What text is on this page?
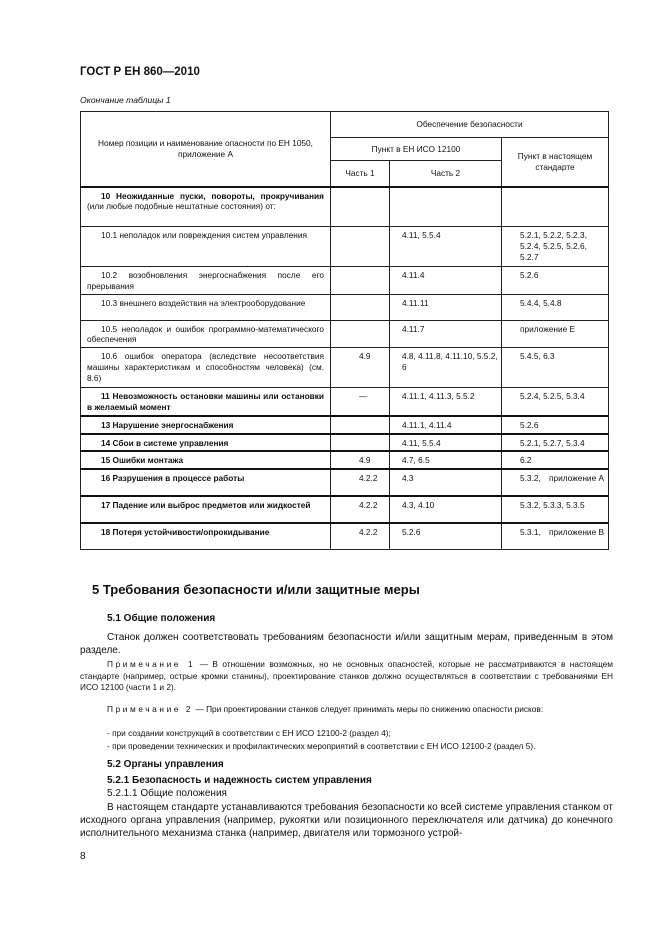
ГОСТ Р ЕН 860—2010
Окончание таблицы 1
Номер позиции и наименование опасности по ЕН 1050, приложение А	Обеспечение безопасности		
	Пункт в ЕН ИСО 12100		Пункт в настоящем стандарте
	Часть 1	Часть 2	

10 Неожиданные пуски, повороты, прокручивания (или любые подобные нештатные состояния) от:			

10.1 неполадок или повреждения систем управления		4.11, 5.5.4	5.2.1, 5.2.2, 5.2.3, 5.2.4, 5.2.5, 5.2.6, 5.2.7

10.2 возобновления энергоснабжения после его прерывания		4.11.4	5.2.6

10.3 внешнего воздействия на электрооборудование		4.11.11	5.4.4, 5.4.8

10.5 неполадок и ошибок программно-математического обеспечения		4.11.7	приложение Е

10.6 ошибок оператора (вследствие несоответствия машины характеристикам и способностям человека) (см. 8.6)	4.9	4.8, 4.11.8, 4.11.10, 5.5.2, 6	5.4.5, 6.3

11 Невозможность остановки машины или остановки в желаемый момент	—	4.11.1, 4.11.3, 5.5.2	5.2.4, 5.2.5, 5.3.4

13 Нарушение энергоснабжения		4.11.1, 4.11.4	5.2.6

14 Сбои в системе управления		4.11, 5.5.4	5.2.1, 5.2.7, 5.3.4

15 Ошибки монтажа	4.9	4.7, 6.5	6.2

16 Разрушения в процессе работы	4.2.2	4.3	5.3.2, приложение А

17 Падение или выброс предметов или жидкостей	4.2.2	4.3, 4.10	5.3.2, 5.3.3, 5.3.5

18 Потеря устойчивости/опрокидывание	4.2.2	5.2.6	5.3.1, приложение В
5 Требования безопасности и/или защитные меры
5.1 Общие положения
Станок должен соответствовать требованиям безопасности и/или защитным мерам, приведенным в этом разделе.
Примечание 1 — В отношении возможных, но не основных опасностей, которые не рассматриваются в настоящем стандарте (например, острые кромки станины), проектирование станков должно осуществляться в соответствии с требованиями ЕН ИСО 12100 (части 1 и 2).
Примечание 2 — При проектировании станков следует принимать меры по снижению опасности рисков:
- при создании конструкций в соответствии с ЕН ИСО 12100-2 (раздел 4);
- при проведении технических и профилактических мероприятий в соответствии с ЕН ИСО 12100-2 (раздел 5).
5.2 Органы управления
5.2.1 Безопасность и надежность систем управления
5.2.1.1 Общие положения
В настоящем стандарте устанавливаются требования безопасности ко всей системе управления станком от исходного органа управления (например, рукоятки или позиционного переключателя или датчика) до конечного исполнительного механизма станка (например, двигателя или тормозного устрой-
8
